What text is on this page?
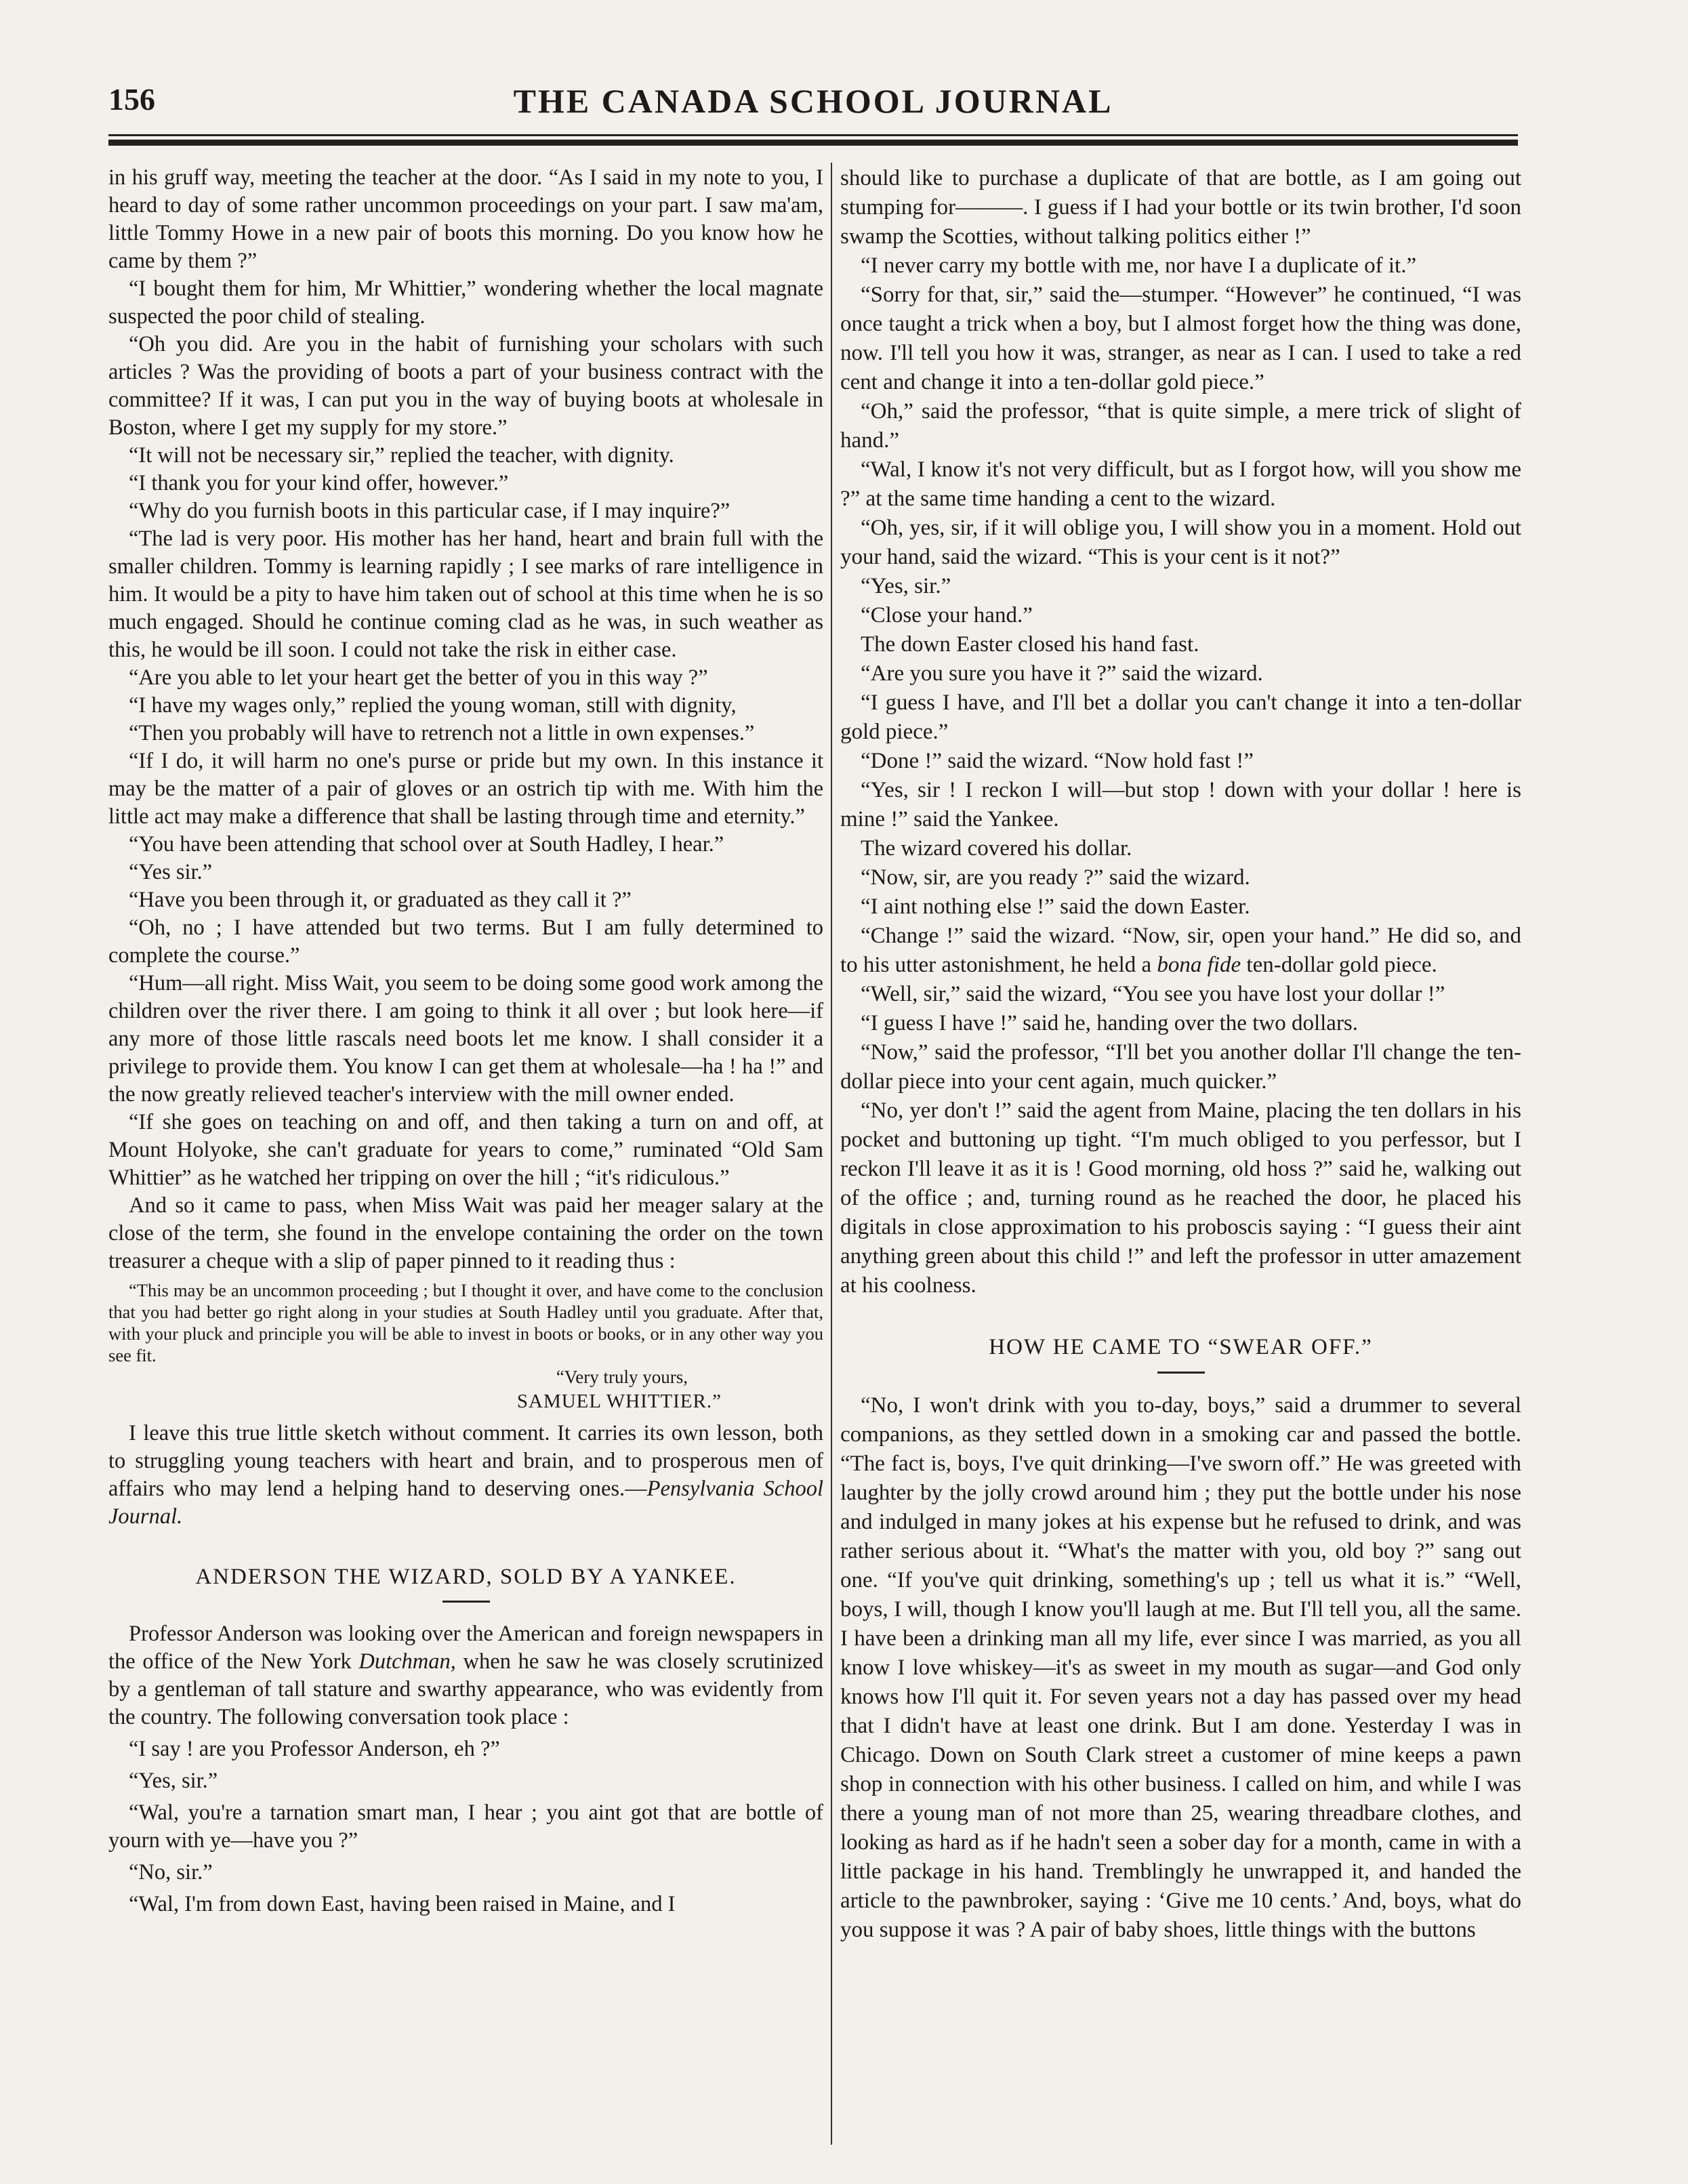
156	THE CANADA SCHOOL JOURNAL

in his gruff way, meeting the teacher at the door. “As I said in my note to you, I heard to day of some rather uncommon proceedings on your part. I saw ma'am, little Tommy Howe in a new pair of boots this morning. Do you know how he came by them ?”

“I bought them for him, Mr Whittier,” wondering whether the local magnate suspected the poor child of stealing.

“Oh you did. Are you in the habit of furnishing your scholars with such articles ? Was the providing of boots a part of your business contract with the committee? If it was, I can put you in the way of buying boots at wholesale in Boston, where I get my supply for my store.”

“It will not be necessary sir,” replied the teacher, with dignity.

“I thank you for your kind offer, however.”

“Why do you furnish boots in this particular case, if I may inquire?”

“The lad is very poor. His mother has her hand, heart and brain full with the smaller children. Tommy is learning rapidly ; I see marks of rare intelligence in him. It would be a pity to have him taken out of school at this time when he is so much engaged. Should he continue coming clad as he was, in such weather as this, he would be ill soon. I could not take the risk in either case.

“Are you able to let your heart get the better of you in this way ?”

“I have my wages only,” replied the young woman, still with dignity,

“Then you probably will have to retrench not a little in own expenses.”

“If I do, it will harm no one's purse or pride but my own. In this instance it may be the matter of a pair of gloves or an ostrich tip with me. With him the little act may make a difference that shall be lasting through time and eternity.”

“You have been attending that school over at South Hadley, I hear.”

“Yes sir.”

“Have you been through it, or graduated as they call it ?”

“Oh, no ; I have attended but two terms. But I am fully determined to complete the course.”

“Hum—all right. Miss Wait, you seem to be doing some good work among the children over the river there. I am going to think it all over ; but look here—if any more of those little rascals need boots let me know. I shall consider it a privilege to provide them. You know I can get them at wholesale—ha ! ha !” and the now greatly relieved teacher's interview with the mill owner ended.

“If she goes on teaching on and off, and then taking a turn on and off, at Mount Holyoke, she can't graduate for years to come,” ruminated “Old Sam Whittier” as he watched her tripping on over the hill ; “it's ridiculous.”

And so it came to pass, when Miss Wait was paid her meager salary at the close of the term, she found in the envelope containing the order on the town treasurer a cheque with a slip of paper pinned to it reading thus :

“This may be an uncommon proceeding ; but I thought it over, and have come to the conclusion that you had better go right along in your studies at South Hadley until you graduate. After that, with your pluck and principle you will be able to invest in boots or books, or in any other way you see fit.

“Very truly yours,

SAMUEL WHITTIER.”

I leave this true little sketch without comment. It carries its own lesson, both to struggling young teachers with heart and brain, and to prosperous men of affairs who may lend a helping hand to deserving ones.—Pensylvania School Journal.

ANDERSON THE WIZARD, SOLD BY A YANKEE.

Professor Anderson was looking over the American and foreign newspapers in the office of the New York Dutchman, when he saw he was closely scrutinized by a gentleman of tall stature and swarthy appearance, who was evidently from the country. The following conversation took place :

“I say ! are you Professor Anderson, eh ?”

“Yes, sir.”

“Wal, you're a tarnation smart man, I hear ; you aint got that are bottle of yourn with ye—have you ?”

“No, sir.”

“Wal, I'm from down East, having been raised in Maine, and I

should like to purchase a duplicate of that are bottle, as I am going out stumping for———. I guess if I had your bottle or its twin brother, I'd soon swamp the Scotties, without talking politics either !”

“I never carry my bottle with me, nor have I a duplicate of it.”

“Sorry for that, sir,” said the—stumper. “However” he continued, “I was once taught a trick when a boy, but I almost forget how the thing was done, now. I'll tell you how it was, stranger, as near as I can. I used to take a red cent and change it into a ten-dollar gold piece.”

“Oh,” said the professor, “that is quite simple, a mere trick of slight of hand.”

“Wal, I know it's not very difficult, but as I forgot how, will you show me ?” at the same time handing a cent to the wizard.

“Oh, yes, sir, if it will oblige you, I will show you in a moment. Hold out your hand, said the wizard. “This is your cent is it not?”

“Yes, sir.”

“Close your hand.”

The down Easter closed his hand fast.

“Are you sure you have it ?” said the wizard.

“I guess I have, and I'll bet a dollar you can't change it into a ten-dollar gold piece.”

“Done !” said the wizard. “Now hold fast !”

“Yes, sir ! I reckon I will—but stop ! down with your dollar ! here is mine !” said the Yankee.

The wizard covered his dollar.

“Now, sir, are you ready ?” said the wizard.

“I aint nothing else !” said the down Easter.

“Change !” said the wizard. “Now, sir, open your hand.” He did so, and to his utter astonishment, he held a bona fide ten-dollar gold piece.

“Well, sir,” said the wizard, “You see you have lost your dollar !”

“I guess I have !” said he, handing over the two dollars.

“Now,” said the professor, “I'll bet you another dollar I'll change the ten-dollar piece into your cent again, much quicker.”

“No, yer don't !” said the agent from Maine, placing the ten dollars in his pocket and buttoning up tight. “I'm much obliged to you perfessor, but I reckon I'll leave it as it is ! Good morning, old hoss ?” said he, walking out of the office ; and, turning round as he reached the door, he placed his digitals in close approximation to his proboscis saying : “I guess their aint anything green about this child !” and left the professor in utter amazement at his coolness.

HOW HE CAME TO “SWEAR OFF.”

“No, I won't drink with you to-day, boys,” said a drummer to several companions, as they settled down in a smoking car and passed the bottle. “The fact is, boys, I've quit drinking—I've sworn off.” He was greeted with laughter by the jolly crowd around him ; they put the bottle under his nose and indulged in many jokes at his expense but he refused to drink, and was rather serious about it. “What's the matter with you, old boy ?” sang out one. “If you've quit drinking, something's up ; tell us what it is.” “Well, boys, I will, though I know you'll laugh at me. But I'll tell you, all the same. I have been a drinking man all my life, ever since I was married, as you all know I love whiskey—it's as sweet in my mouth as sugar—and God only knows how I'll quit it. For seven years not a day has passed over my head that I didn't have at least one drink. But I am done. Yesterday I was in Chicago. Down on South Clark street a customer of mine keeps a pawn shop in connection with his other business. I called on him, and while I was there a young man of not more than 25, wearing threadbare clothes, and looking as hard as if he hadn't seen a sober day for a month, came in with a little package in his hand. Tremblingly he unwrapped it, and handed the article to the pawnbroker, saying : ‘Give me 10 cents.’ And, boys, what do you suppose it was ? A pair of baby shoes, little things with the buttons
